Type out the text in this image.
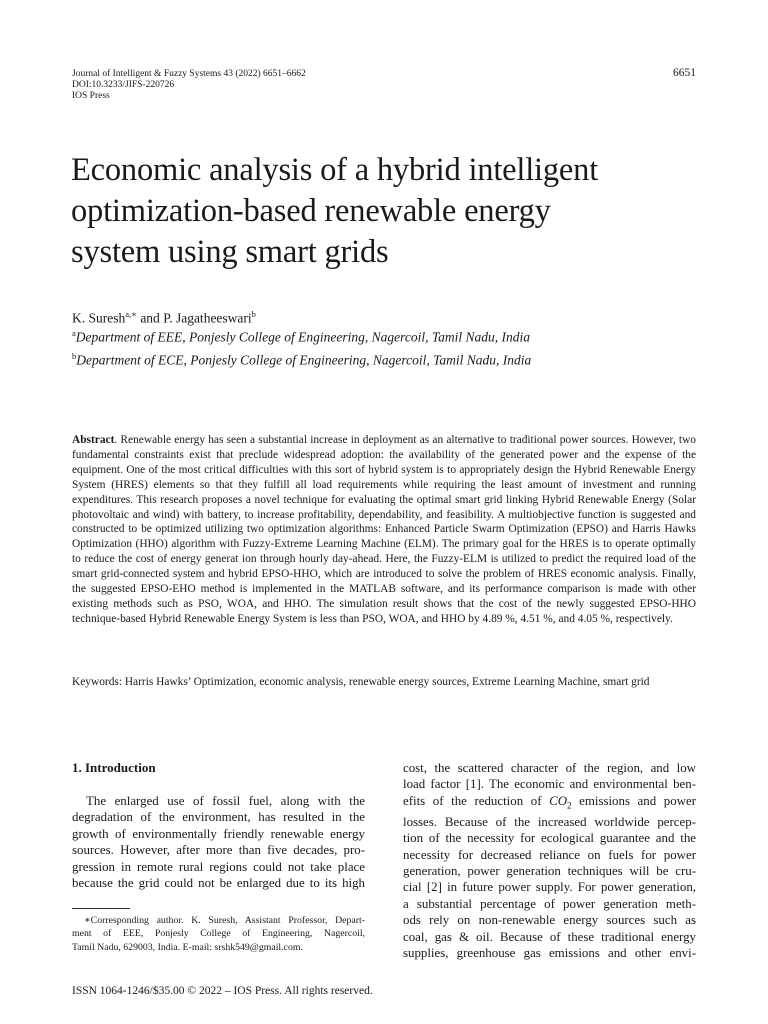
Journal of Intelligent & Fuzzy Systems 43 (2022) 6651–6662
DOI:10.3233/JIFS-220726
IOS Press
6651
Economic analysis of a hybrid intelligent
optimization-based renewable energy
system using smart grids
K. Suresh$^{a,∗}$ and P. Jagatheeswari$^b$
$^a$Department of EEE, Ponjesly College of Engineering, Nagercoil, Tamil Nadu, India
$^b$Department of ECE, Ponjesly College of Engineering, Nagercoil, Tamil Nadu, India
Abstract. Renewable energy has seen a substantial increase in deployment as an alternative to traditional power sources. However, two fundamental constraints exist that preclude widespread adoption: the availability of the generated power and the expense of the equipment. One of the most critical difficulties with this sort of hybrid system is to appropriately design the Hybrid Renewable Energy System (HRES) elements so that they fulfill all load requirements while requiring the least amount of investment and running expenditures. This research proposes a novel technique for evaluating the optimal smart grid linking Hybrid Renewable Energy (Solar photovoltaic and wind) with battery, to increase profitability, dependability, and feasibility. A multiobjective function is suggested and constructed to be optimized utilizing two optimization algorithms: Enhanced Particle Swarm Optimization (EPSO) and Harris Hawks Optimization (HHO) algorithm with Fuzzy-Extreme Learning Machine (ELM). The primary goal for the HRES is to operate optimally to reduce the cost of energy generat ion through hourly day-ahead. Here, the Fuzzy-ELM is utilized to predict the required load of the smart grid-connected system and hybrid EPSO-HHO, which are introduced to solve the problem of HRES economic analysis. Finally, the suggested EPSO-EHO method is implemented in the MATLAB software, and its performance comparison is made with other existing methods such as PSO, WOA, and HHO. The simulation result shows that the cost of the newly suggested EPSO-HHO technique-based Hybrid Renewable Energy System is less than PSO, WOA, and HHO by 4.89 %, 4.51 %, and 4.05 %, respectively.
Keywords: Harris Hawks’ Optimization, economic analysis, renewable energy sources, Extreme Learning Machine, smart grid
1. Introduction
The enlarged use of fossil fuel, along with the
degradation of the environment, has resulted in the
growth of environmentally friendly renewable energy
sources. However, after more than five decades, pro-
gression in remote rural regions could not take place
because the grid could not be enlarged due to its high
∗Corresponding author. K. Suresh, Assistant Professor, Depart-
ment of EEE, Ponjesly College of Engineering, Nagercoil,
Tamil Nadu, 629003, India. E-mail: srshk549@gmail.com.
cost, the scattered character of the region, and low
load factor [1]. The economic and environmental ben-
efits of the reduction of $CO_2$ emissions and power
losses. Because of the increased worldwide percep-
tion of the necessity for ecological guarantee and the
necessity for decreased reliance on fuels for power
generation, power generation techniques will be cru-
cial [2] in future power supply. For power generation,
a substantial percentage of power generation meth-
ods rely on non-renewable energy sources such as
coal, gas & oil. Because of these traditional energy
supplies, greenhouse gas emissions and other envi-
ISSN 1064-1246/$35.00 © 2022 – IOS Press. All rights reserved.
